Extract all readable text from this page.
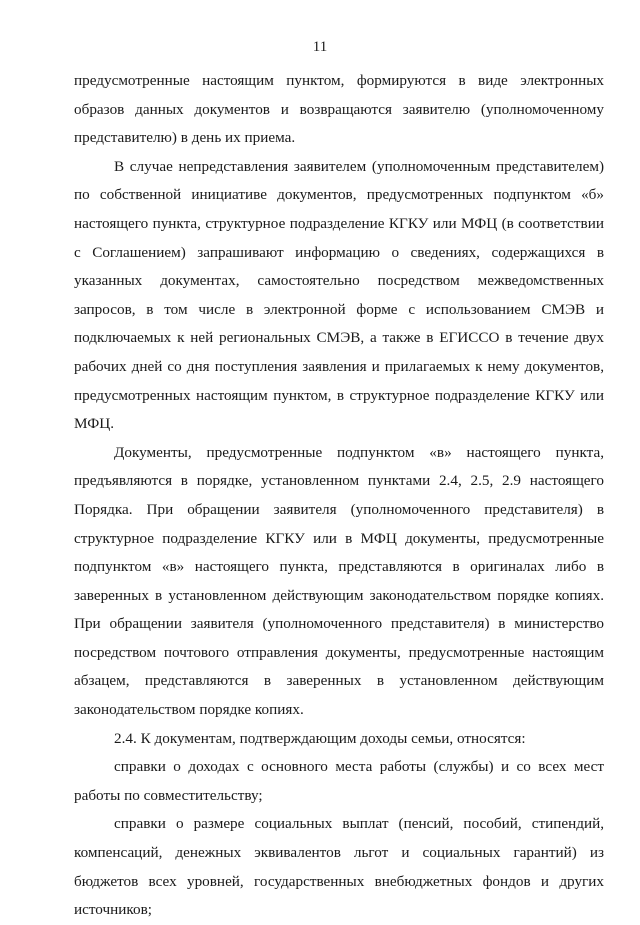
11

предусмотренные настоящим пунктом, формируются в виде электронных образов данных документов и возвращаются заявителю (уполномоченному представителю) в день их приема.

В случае непредставления заявителем (уполномоченным представителем) по собственной инициативе документов, предусмотренных подпунктом «б» настоящего пункта, структурное подразделение КГКУ или МФЦ (в соответствии с Соглашением) запрашивают информацию о сведениях, содержащихся в указанных документах, самостоятельно посредством межведомственных запросов, в том числе в электронной форме с использованием СМЭВ и подключаемых к ней региональных СМЭВ, а также в ЕГИССО в течение двух рабочих дней со дня поступления заявления и прилагаемых к нему документов, предусмотренных настоящим пунктом, в структурное подразделение КГКУ или МФЦ.

Документы, предусмотренные подпунктом «в» настоящего пункта, предъявляются в порядке, установленном пунктами 2.4, 2.5, 2.9 настоящего Порядка. При обращении заявителя (уполномоченного представителя) в структурное подразделение КГКУ или в МФЦ документы, предусмотренные подпунктом «в» настоящего пункта, представляются в оригиналах либо в заверенных в установленном действующим законодательством порядке копиях. При обращении заявителя (уполномоченного представителя) в министерство посредством почтового отправления документы, предусмотренные настоящим абзацем, представляются в заверенных в установленном действующим законодательством порядке копиях.

2.4. К документам, подтверждающим доходы семьи, относятся:

справки о доходах с основного места работы (службы) и со всех мест работы по совместительству;

справки о размере социальных выплат (пенсий, пособий, стипендий, компенсаций, денежных эквивалентов льгот и социальных гарантий) из бюджетов всех уровней, государственных внебюджетных фондов и других источников;
